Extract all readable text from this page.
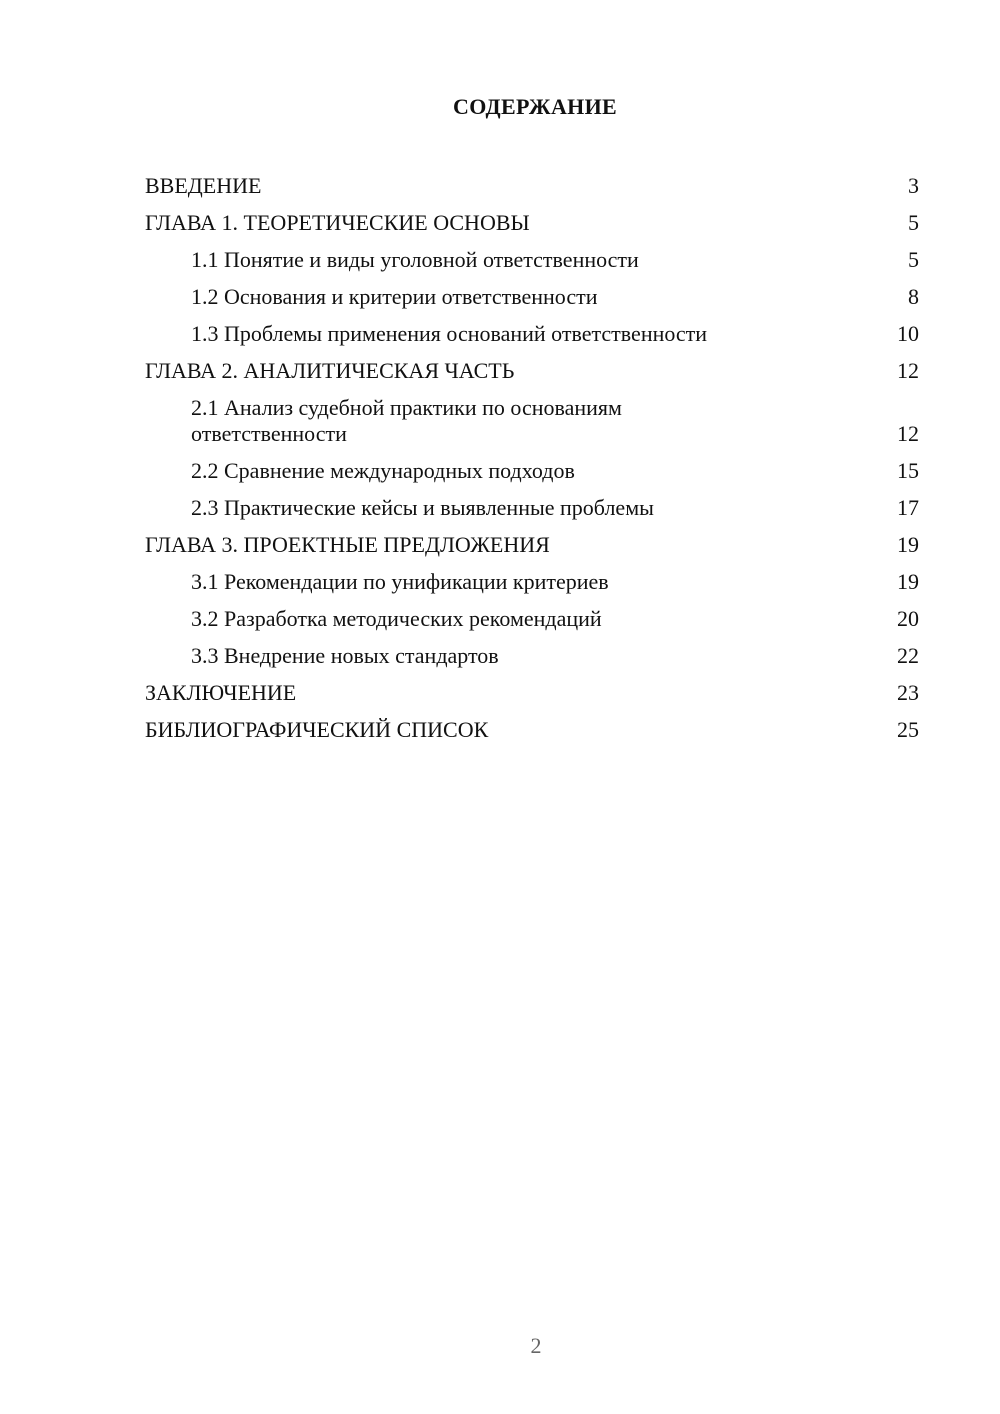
СОДЕРЖАНИЕ
ВВЕДЕНИЕ	3
ГЛАВА 1. ТЕОРЕТИЧЕСКИЕ ОСНОВЫ	5
1.1 Понятие и виды уголовной ответственности	5
1.2 Основания и критерии ответственности	8
1.3 Проблемы применения оснований ответственности	10
ГЛАВА 2. АНАЛИТИЧЕСКАЯ ЧАСТЬ	12
2.1 Анализ судебной практики по основаниям ответственности	12
2.2 Сравнение международных подходов	15
2.3 Практические кейсы и выявленные проблемы	17
ГЛАВА 3. ПРОЕКТНЫЕ ПРЕДЛОЖЕНИЯ	19
3.1 Рекомендации по унификации критериев	19
3.2 Разработка методических рекомендаций	20
3.3 Внедрение новых стандартов	22
ЗАКЛЮЧЕНИЕ	23
БИБЛИОГРАФИЧЕСКИЙ СПИСОК	25
2
